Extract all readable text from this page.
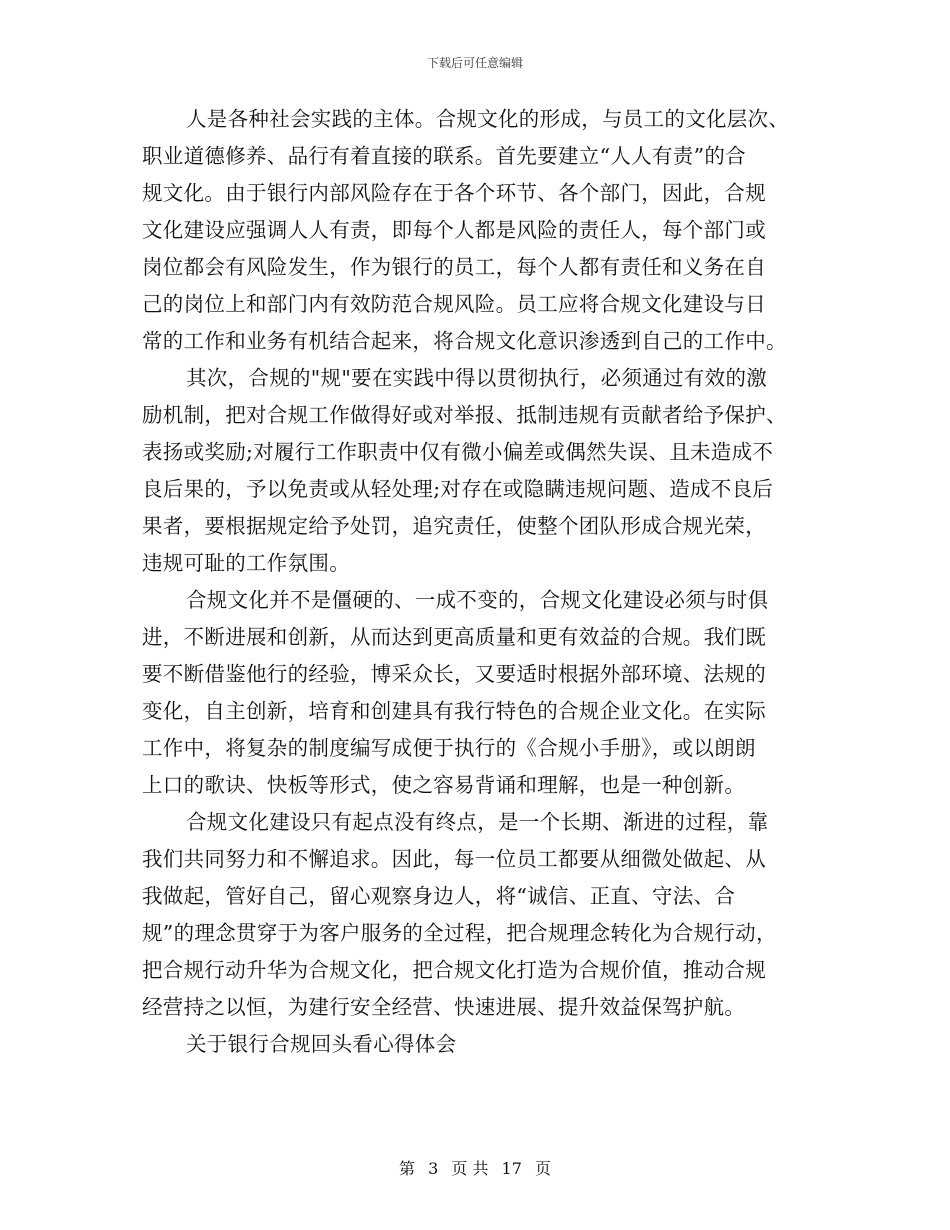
下载后可任意编辑
人是各种社会实践的主体。合规文化的形成，与员工的文化层次、
职业道德修养、品行有着直接的联系。首先要建立“人人有责”的合
规文化。由于银行内部风险存在于各个环节、各个部门，因此，合规
文化建设应强调人人有责，即每个人都是风险的责任人，每个部门或
岗位都会有风险发生，作为银行的员工，每个人都有责任和义务在自
己的岗位上和部门内有效防范合规风险。员工应将合规文化建设与日
常的工作和业务有机结合起来，将合规文化意识渗透到自己的工作中。
其次，合规的"规"要在实践中得以贯彻执行，必须通过有效的激
励机制，把对合规工作做得好或对举报、抵制违规有贡献者给予保护、
表扬或奖励;对履行工作职责中仅有微小偏差或偶然失误、且未造成不
良后果的，予以免责或从轻处理;对存在或隐瞒违规问题、造成不良后
果者，要根据规定给予处罚，追究责任，使整个团队形成合规光荣，
违规可耻的工作氛围。
合规文化并不是僵硬的、一成不变的，合规文化建设必须与时俱
进，不断进展和创新，从而达到更高质量和更有效益的合规。我们既
要不断借鉴他行的经验，博采众长，又要适时根据外部环境、法规的
变化，自主创新，培育和创建具有我行特色的合规企业文化。在实际
工作中，将复杂的制度编写成便于执行的《合规小手册》，或以朗朗
上口的歌诀、快板等形式，使之容易背诵和理解，也是一种创新。
合规文化建设只有起点没有终点，是一个长期、渐进的过程，靠
我们共同努力和不懈追求。因此，每一位员工都要从细微处做起、从
我做起，管好自己，留心观察身边人，将“诚信、正直、守法、合
规”的理念贯穿于为客户服务的全过程，把合规理念转化为合规行动，
把合规行动升华为合规文化，把合规文化打造为合规价值，推动合规
经营持之以恒，为建行安全经营、快速进展、提升效益保驾护航。
关于银行合规回头看心得体会
第 3 页 共 17 页
